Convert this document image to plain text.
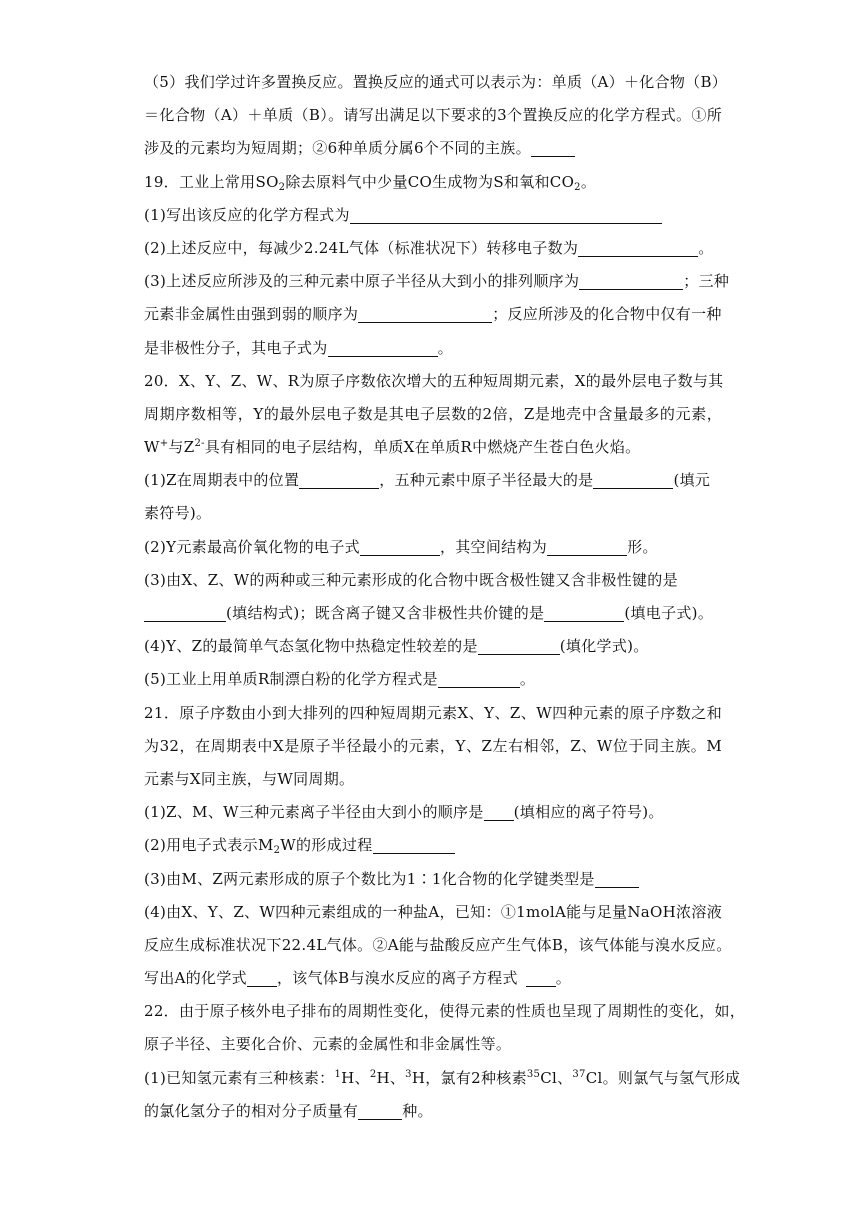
（5）我们学过许多置换反应。置换反应的通式可以表示为：单质（A）＋化合物（B）
＝化合物（A）＋单质（B）。请写出满足以下要求的3个置换反应的化学方程式。①所
涉及的元素均为短周期；②6种单质分属6个不同的主族。
19．工业上常用$SO_2$除去原料气中少量CO生成物为S和氧和$CO_2$。
(1)写出该反应的化学方程式为
(2)上述反应中，每减少2.24L气体（标准状况下）转移电子数为	。
(3)上述反应所涉及的三种元素中原子半径从大到小的排列顺序为	；三种
元素非金属性由强到弱的顺序为	；反应所涉及的化合物中仅有一种
是非极性分子，其电子式为	。
20．X、Y、Z、W、R为原子序数依次增大的五种短周期元素，X的最外层电子数与其
周期序数相等，Y的最外层电子数是其电子层数的2倍，Z是地壳中含量最多的元素，
W+与$Z^{2-}$具有相同的电子层结构，单质X在单质R中燃烧产生苍白色火焰。
(1)Z在周期表中的位置	，五种元素中原子半径最大的是	(填元
素符号)。
(2)Y元素最高价氧化物的电子式	，其空间结构为	形。
(3)由X、Z、W的两种或三种元素形成的化合物中既含极性键又含非极性键的是
(填结构式)；既含离子键又含非极性共价键的是	(填电子式)。
(4)Y、Z的最简单气态氢化物中热稳定性较差的是	(填化学式)。
(5)工业上用单质R制漂白粉的化学方程式是	。
21．原子序数由小到大排列的四种短周期元素X、Y、Z、W四种元素的原子序数之和
为32，在周期表中X是原子半径最小的元素，Y、Z左右相邻，Z、W位于同主族。M
元素与X同主族，与W同周期。
(1)Z、M、W三种元素离子半径由大到小的顺序是 (填相应的离子符号)。
(2)用电子式表示$M_2W$的形成过程
(3)由M、Z两元素形成的原子个数比为1∶1化合物的化学键类型是
(4)由X、Y、Z、W四种元素组成的一种盐A，已知：①1molA能与足量NaOH浓溶液
反应生成标准状况下22.4L气体。②A能与盐酸反应产生气体B，该气体能与溴水反应。
写出A的化学式 ，该气体B与溴水反应的离子方程式	。
22．由于原子核外电子排布的周期性变化，使得元素的性质也呈现了周期性的变化，如，
原子半径、主要化合价、元素的金属性和非金属性等。
(1)已知氢元素有三种核素：$^1$H、$^2$H、$^3$H，氯有2种核素$^{35}$Cl、$^{37}$Cl。则氯气与氢气形成
的氯化氢分子的相对分子质量有	种。
